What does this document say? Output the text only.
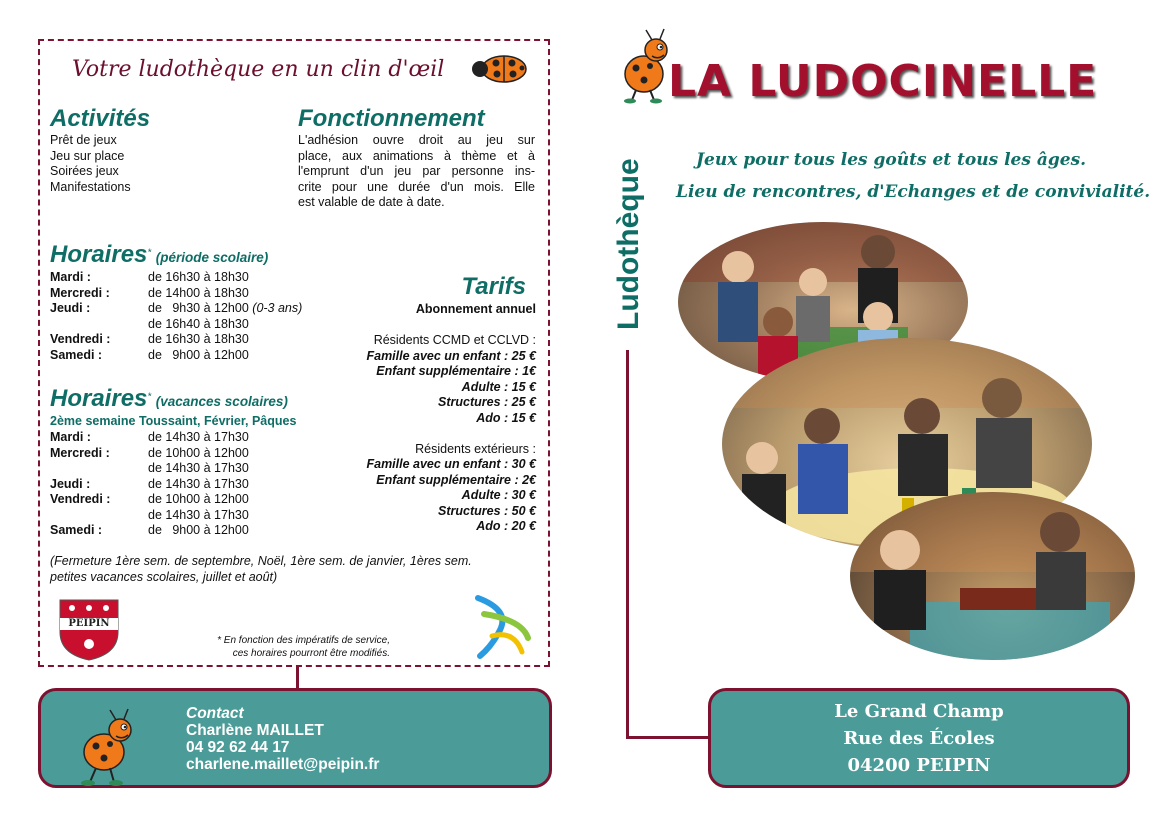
Votre ludothèque en un clin d'œil
Activités
Prêt de jeux
Jeu sur place
Soirées jeux
Manifestations
Fonctionnement
L'adhésion ouvre droit au jeu sur
place, aux animations à thème et à
l'emprunt d'un jeu par personne ins-
crite pour une durée d'un mois. Elle
est valable de date à date.
Horaires* (période scolaire)
Mardi :	de 16h30 à 18h30
Mercredi :	de 14h00 à 18h30
Jeudi :	de   9h30 à 12h00 (0-3 ans)
de 16h40 à 18h30
Vendredi :	de 16h30 à 18h30
Samedi :	de   9h00 à 12h00
Horaires* (vacances scolaires)
2ème semaine Toussaint, Février, Pâques
Mardi :	de 14h30 à 17h30
Mercredi :	de 10h00 à 12h00
de 14h30 à 17h30
Jeudi :	de 14h30 à 17h30
Vendredi :	de 10h00 à 12h00
de 14h30 à 17h30
Samedi :	de   9h00 à 12h00
Tarifs
Abonnement annuel
Résidents CCMD et CCLVD :
Famille avec un enfant : 25 €
Enfant supplémentaire : 1€
Adulte : 15 €
Structures : 25 €
Ado : 15 €
Résidents extérieurs :
Famille avec un enfant : 30 €
Enfant supplémentaire : 2€
Adulte : 30 €
Structures : 50 €
Ado : 20 €
(Fermeture 1ère sem. de septembre, Noël, 1ère sem. de janvier, 1ères sem.
petites vacances scolaires, juillet et août)
PEIPIN
* En fonction des impératifs de service,
ces horaires pourront être modifiés.
Contact
Charlène MAILLET
04 92 62 44 17
charlene.maillet@peipin.fr
LA LUDOCINELLE
Ludothèque	Jeux pour tous les goûts et tous les âges.
Lieu de rencontres, d'Echanges et de convivialité.
Le Grand Champ
Rue des Écoles
04200 PEIPIN
